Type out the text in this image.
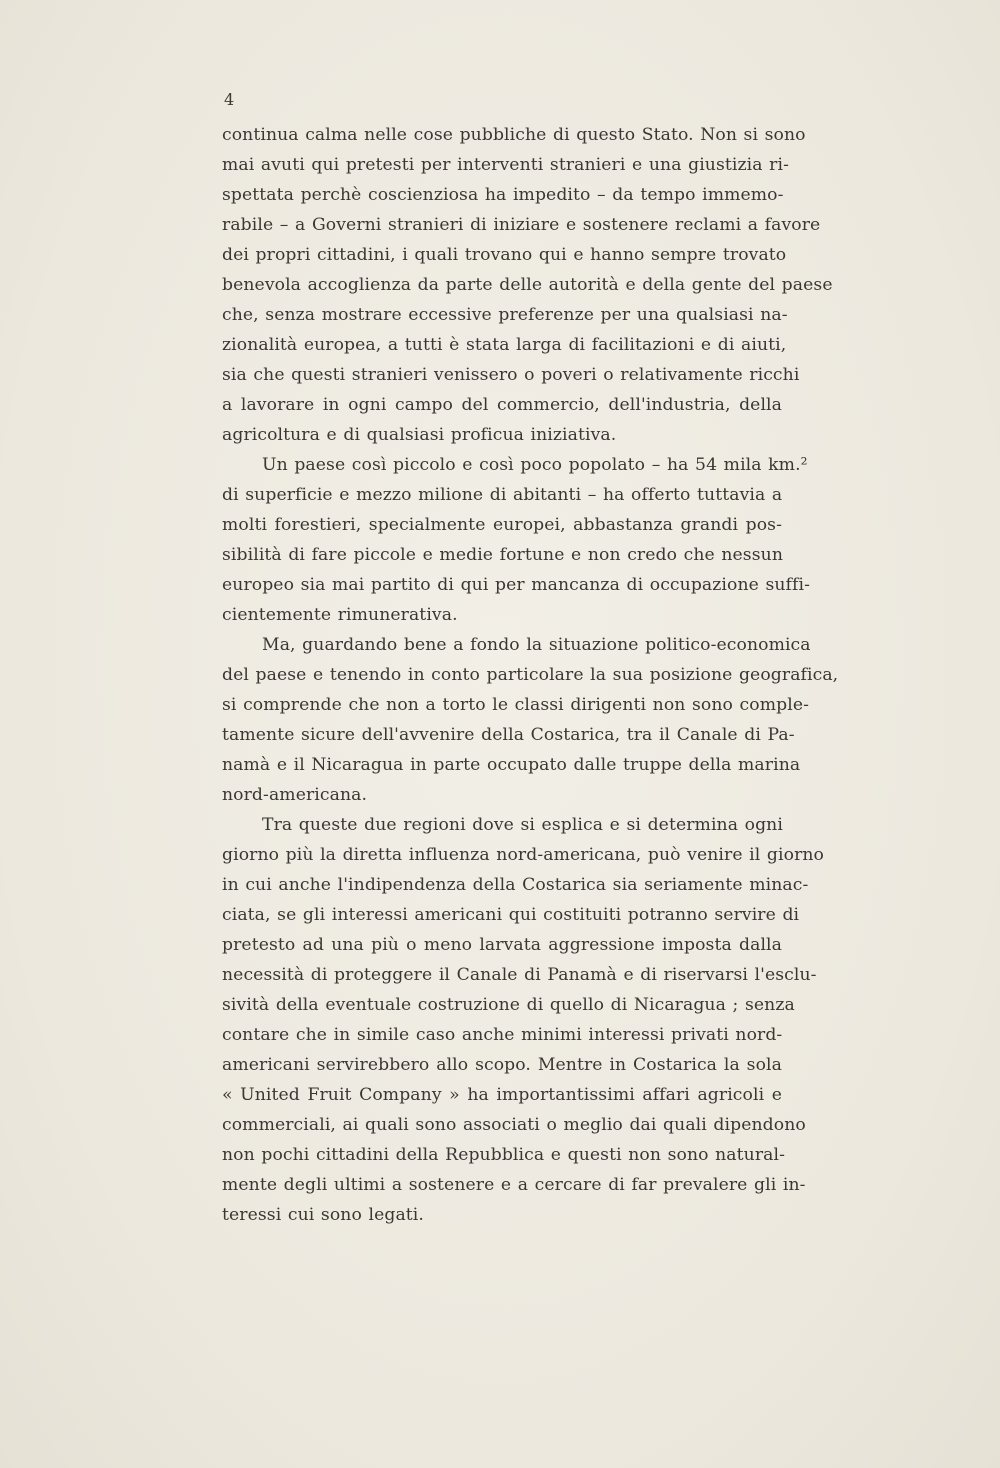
4
continua calma nelle cose pubbliche di questo Stato. Non si sono
mai avuti qui pretesti per interventi stranieri e una giustizia ri-
spettata perchè coscienziosa ha impedito – da tempo immemo-
rabile – a Governi stranieri di iniziare e sostenere reclami a favore
dei propri cittadini, i quali trovano qui e hanno sempre trovato
benevola accoglienza da parte delle autorità e della gente del paese
che, senza mostrare eccessive preferenze per una qualsiasi na-
zionalità europea, a tutti è stata larga di facilitazioni e di aiuti,
sia che questi stranieri venissero o poveri o relativamente ricchi
a lavorare in ogni campo del commercio, dell'industria, della
agricoltura e di qualsiasi proficua iniziativa.
Un paese così piccolo e così poco popolato – ha 54 mila km.²
di superficie e mezzo milione di abitanti – ha offerto tuttavia a
molti forestieri, specialmente europei, abbastanza grandi pos-
sibilità di fare piccole e medie fortune e non credo che nessun
europeo sia mai partito di qui per mancanza di occupazione suffi-
cientemente rimunerativa.
Ma, guardando bene a fondo la situazione politico-economica
del paese e tenendo in conto particolare la sua posizione geografica,
si comprende che non a torto le classi dirigenti non sono comple-
tamente sicure dell'avvenire della Costarica, tra il Canale di Pa-
namà e il Nicaragua in parte occupato dalle truppe della marina
nord-americana.
Tra queste due regioni dove si esplica e si determina ogni
giorno più la diretta influenza nord-americana, può venire il giorno
in cui anche l'indipendenza della Costarica sia seriamente minac-
ciata, se gli interessi americani qui costituiti potranno servire di
pretesto ad una più o meno larvata aggressione imposta dalla
necessità di proteggere il Canale di Panamà e di riservarsi l'esclu-
sività della eventuale costruzione di quello di Nicaragua ; senza
contare che in simile caso anche minimi interessi privati nord-
americani servirebbero allo scopo. Mentre in Costarica la sola
« United Fruit Company » ha importantissimi affari agricoli e
commerciali, ai quali sono associati o meglio dai quali dipendono
non pochi cittadini della Repubblica e questi non sono natural-
mente degli ultimi a sostenere e a cercare di far prevalere gli in-
teressi cui sono legati.
